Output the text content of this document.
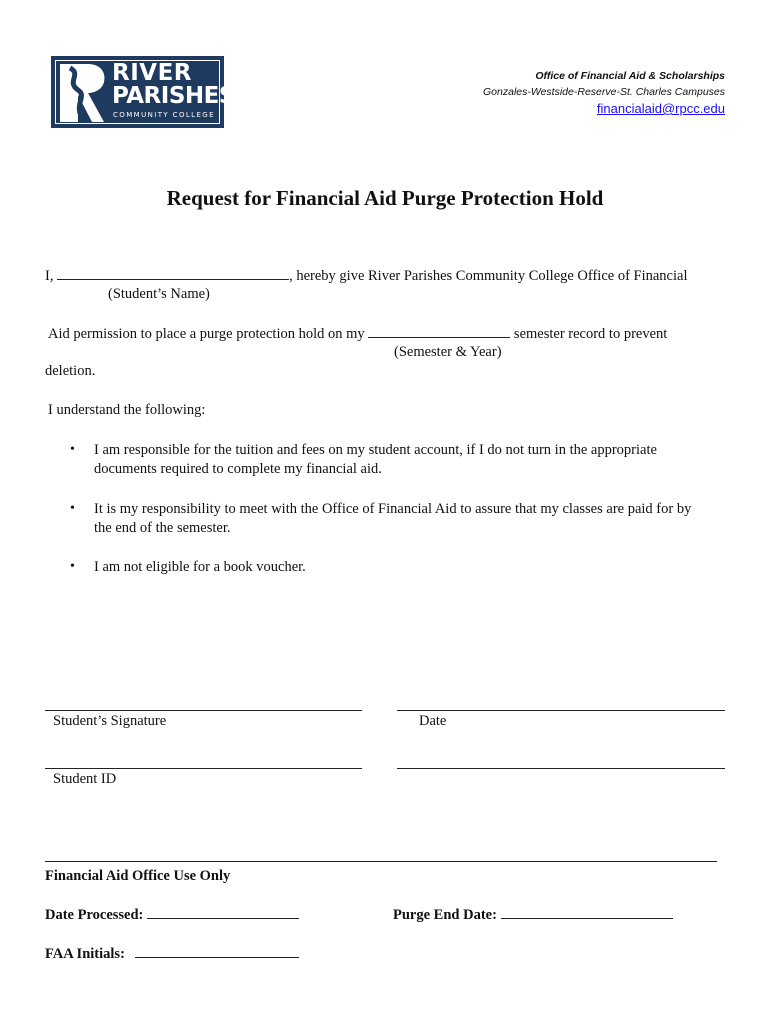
RIVER
PARISHES
COMMUNITY COLLEGE
Office of Financial Aid & Scholarships
Gonzales-Westside-Reserve-St. Charles Campuses
financialaid@rpcc.edu
Request for Financial Aid Purge Protection Hold
I,	, hereby give River Parishes Community College Office of Financial
(Student’s Name)
Aid permission to place a purge protection hold on my	semester record to prevent
(Semester & Year)
deletion.
I understand the following:
• I am responsible for the tuition and fees on my student account, if I do not turn in the appropriate
documents required to complete my financial aid.
• It is my responsibility to meet with the Office of Financial Aid to assure that my classes are paid for by
the end of the semester.
• I am not eligible for a book voucher.
Student’s Signature	Date
Student ID
Financial Aid Office Use Only
Date Processed:	Purge End Date:
FAA Initials:
